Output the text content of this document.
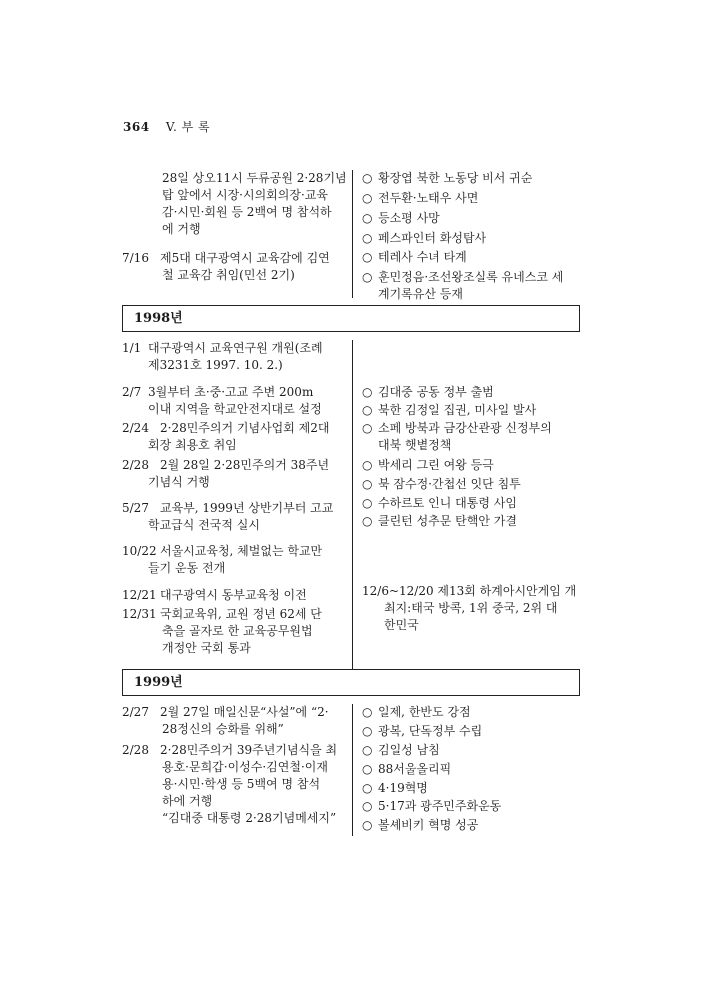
364 V. 부 록
28일 상오11시 두류공원 2·28기념
탑 앞에서 시장·시의회의장·교육
감·시민·회원 등 2백여 명 참석하
에 거행
7/16 제5대 대구광역시 교육감에 김연
철 교육감 취임(민선 2기)
○ 황장엽 북한 노동당 비서 귀순
○ 전두환·노태우 사면
○ 등소평 사망
○ 페스파인터 화성탐사
○ 테레사 수녀 타계
○ 훈민정음·조선왕조실록 유네스코 세
계기록유산 등재
1998년
1/1 대구광역시 교육연구원 개원(조례
제3231호 1997. 10. 2.)
2/7 3월부터 초·중·고교 주변 200m
이내 지역을 학교안전지대로 설정
2/24 2·28민주의거 기념사업회 제2대
회장 최용호 취임
2/28 2월 28일 2·28민주의거 38주년
기념식 거행
5/27 교육부, 1999년 상반기부터 고교
학교급식 전국적 실시
10/22 서울시교육청, 체벌없는 학교만
들기 운동 전개
12/21 대구광역시 동부교육청 이전
12/31 국회교육위, 교원 정년 62세 단
축을 골자로 한 교육공무원법
개정안 국회 통과
○ 김대중 공동 정부 출범
○ 북한 김정일 집권, 미사일 발사
○ 소페 방북과 금강산관광 신정부의
대북 햇볕정책
○ 박세리 그린 여왕 등극
○ 북 잠수정·간첩선 잇단 침투
○ 수하르토 인니 대통령 사임
○ 클린턴 성추문 탄핵안 가결
12/6~12/20 제13회 하계아시안게임 개
최지:태국 방콕, 1위 중국, 2위 대
한민국
1999년
2/27 2월 27일 매일신문“사설”에 “2·
28정신의 승화를 위해”
2/28 2·28민주의거 39주년기념식을 최
용호·문희갑·이성수·김연철·이재
용·시민·학생 등 5백여 명 참석
하에 거행
“김대중 대통령 2·28기념메세지”
○ 일제, 한반도 강점
○ 광복, 단독정부 수립
○ 김일성 남침
○ 88서울올리픽
○ 4·19혁명
○ 5·17과 광주민주화운동
○ 볼셰비키 혁명 성공
